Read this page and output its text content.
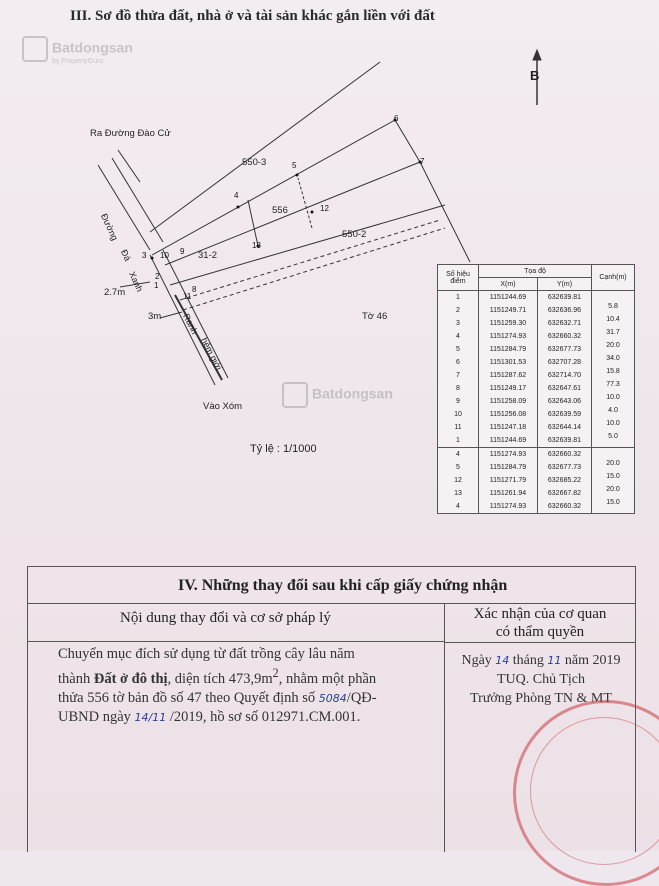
III. Sơ đồ thửa đất, nhà ở và tài sản khác gắn liền với đất
Batdongsan
by PropertyGuru
Batdongsan
B
Ra Đường Đào Cử
Đường
Đá
Xanh
2.7m
3m Ranh
hẻm giới
Vào Xóm
550-3
556
550-2
31-2
Tờ 46
1
2
3
4
5
6
7
8
9
10
11
12
13
Tỷ lệ : 1/1000
Số hiệu điểm	Tọa độ		Cạnh(m)
	X(m)	Y(m)	
1	1151244.69	632639.81	5.8
2	1151249.71	632636.96	10.4
3	1151259.30	632632.71	31.7
4	1151274.93	632660.32	20.0
5	1151284.79	632677.73	34.0
6	1151301.53	632707.28	15.8
7	1151287.62	632714.70	77.3
8	1151249.17	632647.61	10.0
9	1151258.09	632643.06	4.0
10	1151256.08	632639.59	10.0
11	1151247.18	632644.14	5.0
1	1151244.69	632639.81	
4	1151274.93	632660.32	20.0
5	1151284.79	632677.73	15.0
12	1151271.79	632685.22	20.0
13	1151261.94	632667.82	15.0
4	1151274.93	632660.32	
IV. Những thay đổi sau khi cấp giấy chứng nhận
Nội dung thay đổi và cơ sở pháp lý	Xác nhận của cơ quan
có thẩm quyền
Chuyển mục đích sử dụng từ đất trồng cây lâu năm
thành Đất ở đô thị, diện tích $473,9m^2$, nhằm một phần
thửa 556 tờ bản đồ số 47 theo Quyết định số 5084/QĐ-
UBND ngày 14/11 /2019, hồ sơ số 012971.CM.001.
Ngày 14 tháng 11 năm 2019
TUQ. Chủ Tịch
Trưởng Phòng TN & MT
